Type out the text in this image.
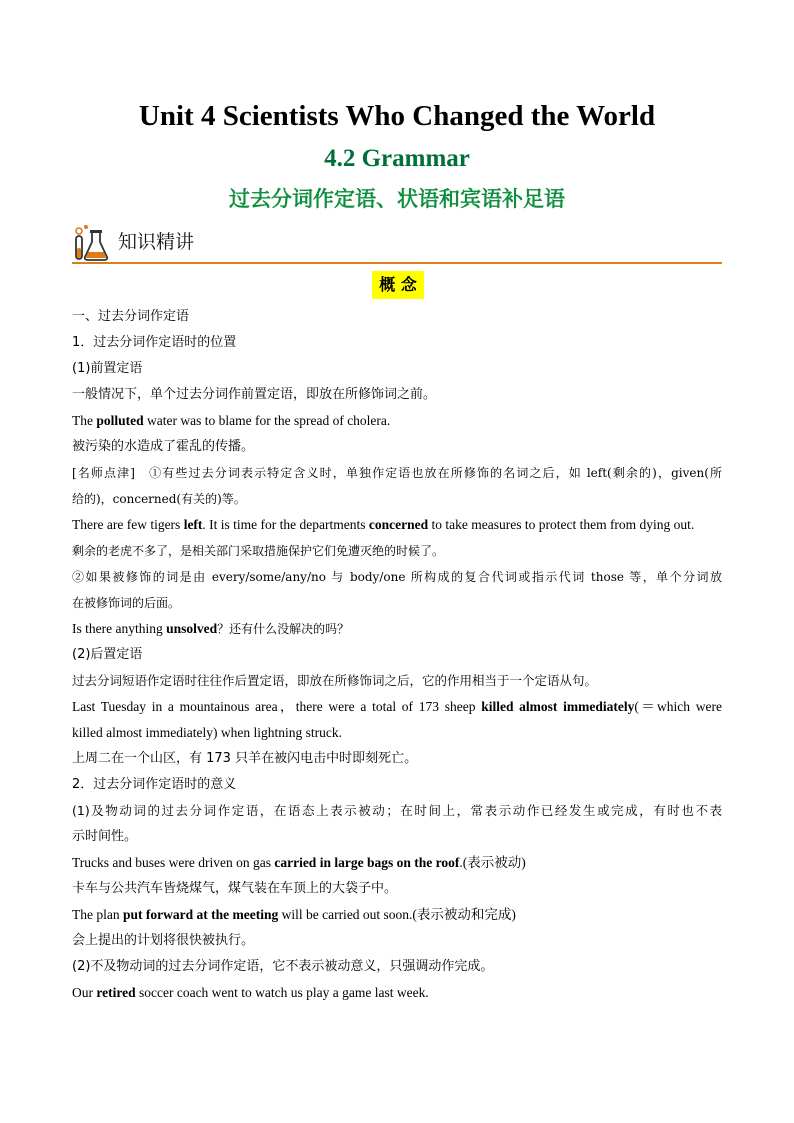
Unit 4 Scientists Who Changed the World
4.2 Grammar
过去分词作定语、状语和宾语补足语
知识精讲
概 念
一、过去分词作定语
1．过去分词作定语时的位置
(1)前置定语
一般情况下，单个过去分词作前置定语，即放在所修饰词之前。
The polluted water was to blame for the spread of cholera.
被污染的水造成了霍乱的传播。
[名师点津]　①有些过去分词表示特定含义时，单独作定语也放在所修饰的名词之后，如 left(剩余的)，given(所
给的)，concerned(有关的)等。
There are few tigers left. It is time for the departments concerned to take measures to protect them from dying out.
剩余的老虎不多了，是相关部门采取措施保护它们免遭灭绝的时候了。
②如果被修饰的词是由 every/some/any/no 与 body/one 所构成的复合代词或指示代词 those 等，单个分词放
在被修饰词的后面。
Is there anything unsolved？还有什么没解决的吗？
(2)后置定语
过去分词短语作定语时往往作后置定语，即放在所修饰词之后，它的作用相当于一个定语从句。
Last Tuesday in a mountainous area，there were a total of 173 sheep killed almost immediately(＝which were
killed almost immediately) when lightning struck.
上周二在一个山区，有 173 只羊在被闪电击中时即刻死亡。
2．过去分词作定语时的意义
(1)及物动词的过去分词作定语，在语态上表示被动；在时间上，常表示动作已经发生或完成，有时也不表
示时间性。
Trucks and buses were driven on gas carried in large bags on the roof.(表示被动)
卡车与公共汽车皆烧煤气，煤气装在车顶上的大袋子中。
The plan put forward at the meeting will be carried out soon.(表示被动和完成)
会上提出的计划将很快被执行。
(2)不及物动词的过去分词作定语，它不表示被动意义，只强调动作完成。
Our retired soccer coach went to watch us play a game last week.
